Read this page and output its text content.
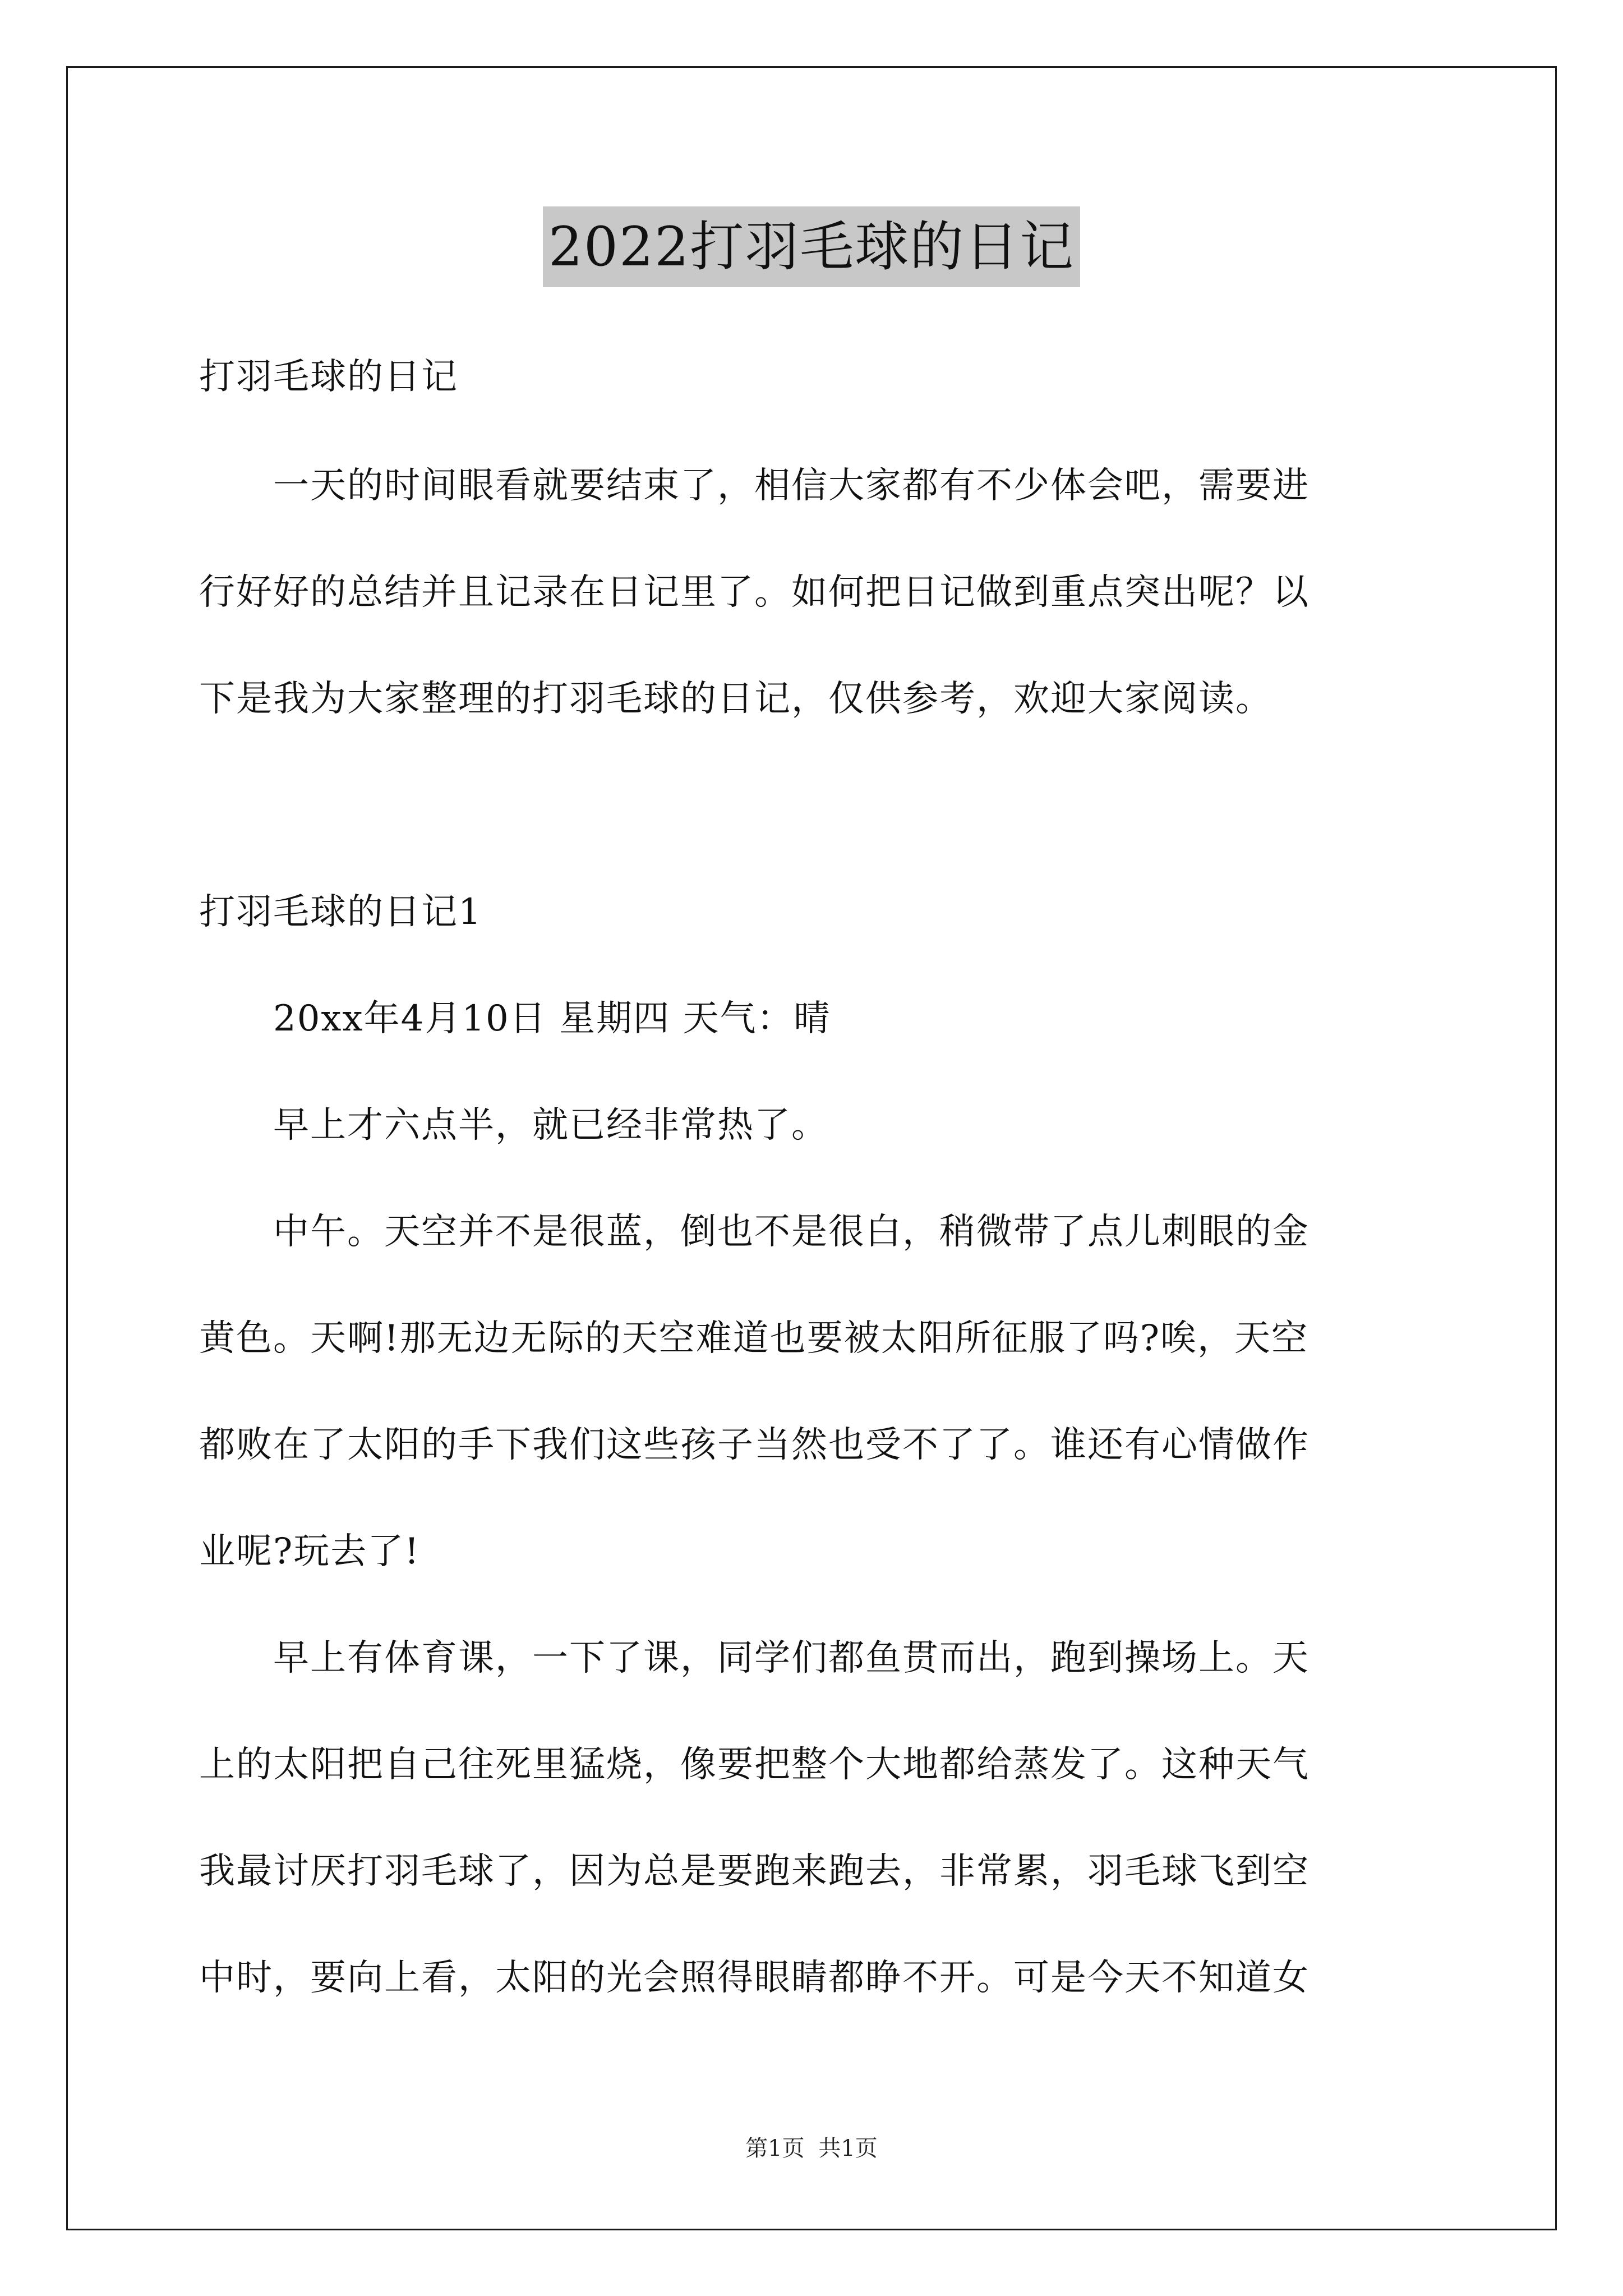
2022打羽毛球的日记
打羽毛球的日记
　　一天的时间眼看就要结束了，相信大家都有不少体会吧，需要进
行好好的总结并且记录在日记里了。如何把日记做到重点突出呢？以
下是我为大家整理的打羽毛球的日记，仅供参考，欢迎大家阅读。
打羽毛球的日记1
　　20xx年4月10日 星期四 天气：晴
　　早上才六点半，就已经非常热了。
　　中午。天空并不是很蓝，倒也不是很白，稍微带了点儿刺眼的金
黄色。天啊!那无边无际的天空难道也要被太阳所征服了吗?唉，天空
都败在了太阳的手下我们这些孩子当然也受不了了。谁还有心情做作
业呢?玩去了!
　　早上有体育课，一下了课，同学们都鱼贯而出，跑到操场上。天
上的太阳把自己往死里猛烧，像要把整个大地都给蒸发了。这种天气
我最讨厌打羽毛球了，因为总是要跑来跑去，非常累，羽毛球飞到空
中时，要向上看，太阳的光会照得眼睛都睁不开。可是今天不知道女
第1页 共1页
